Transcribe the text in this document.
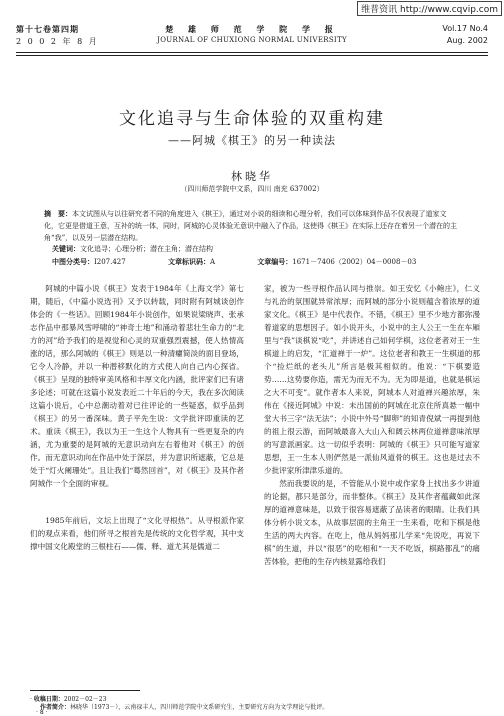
维普资讯 http://www.cqvip.com
第十七卷第四期
2 0 0 2 年 8 月
楚 雄 师 范 学 院 学 报
JOURNAL OF CHUXIONG NORMAL UNIVERSITY
Vol.17 No.4
Aug. 2002
文化追寻与生命体验的双重构建
——阿城《棋王》的另一种读法
林晓华
（四川师范学院中文系，四川 南充 637002）
摘　要：本文试图从与以往研究者不同的角度进入《棋王》，通过对小说的细读和心理分析，我们可以体味到作品不仅表现了道家文化，它更是借道王意，互补的统一体，同时，阿城的心灵体验无意识中融入了作品，这使得《棋王》在实际上还存在着另一个潜在的主角“我”，以及另一层潜在结构。
关键词：文化追寻；心理分析；潜在主角；潜在结构
中图分类号：I207.427	文章标识码：A	文章编号：1671－7406（2002）04－0008－03

阿城的中篇小说《棋王》发表于1984年《上海文学》第七期，随后，《中篇小说选刊》又予以转载，同时附有阿城谈创作体会的《一些话》。回顾1984年小说创作，如果说梁晓声、张承志作品中那暴风雪呼啸的“神奇土地”和涌动着悲壮生命力的“北方的河”给予我们的是视觉和心灵的双重强烈震撼，使人热情高涨的话，那么阿城的《棋王》则是以一种清癯简淡的面目登场，它令人冷静，并以一种潜移默化的方式使人向自己内心探省。《棋王》呈现的独特审美风格和丰厚文化内涵，批评家们已有诸多论述；可就在这篇小说发表近二十年后的今天，我在多次阅读这篇小说后，心中总潮动着对已往评论的一些疑惑，似乎品到《棋王》的另一番深味。黄子平先生说：文学批评即重读的艺术。重读《棋王》，我以为王一生这个人物具有一些更复杂的内涵，尤为重要的是阿城的无意识动向左右着他对《棋王》的创作。而无意识动向在作品中处于深层，并为意识所遮蔽，它总是处于“灯火阑珊处”。且让我们“蓦然回首”，对《棋王》及其作者阿城作一个全面的审视。

1985年前后，文坛上出现了“文化寻根热”。从寻根派作家们的观点来看，他们所寻之根首先是传统的文化哲学观，其中支撑中国文化殿堂的三根柱石——儒、释、道尤其是儒道二

家，被为一些寻根作品认同与推崇。如王安忆《小鲍庄》，仁义与礼治的氛围就异常浓厚；而阿城的部分小说则蕴含着浓厚的道家文化。《棋王》是中代表作。不错，《棋王》里不少地方都弥漫着道家的思想因子。如小说开头，小说中的主人公王一生在车厢里与“我”谈棋说“吃”，并讲述自己如何学棋，这位老者对王一生棋道上的启发，“汇道禅于一炉”。这位老者和教王一生棋道的那个“捡烂纸的老头儿”所言是极其相似的。他说：“下棋要造势……这势要你造，需无为而无不为。无为即是道，也就是棋运之大不可变”。就作者本人来说，阿城本人对道禅兴趣浓厚，朱伟在《接近阿城》中说：未出国前的阿城在北京住所真悬一幅中堂大书三字“法无法”；小说中外号“脚卵”的知青倪斌一再提到他的祖上很云游，而阿城最喜入大山入和阔云林两位道禅意味浓厚的写意派画家。这一切似乎表明：阿城的《棋王》只可能写道家思想，王一生本人则俨然是一派仙风道骨的棋王。这也是过去不少批评家所津津乐道的。

然而我要说的是，不管能从小说中或作家身上找出多少讲道的论据，都只是部分，而非整体。《棋王》及其作者蕴藏如此深厚的道禅意味是，以致于很容易遮蔽了品读者的眼睛。让我们具体分析小说文本，从故事层面的主角王一生来看，吃和下棋是他生活的两大内容。在吃上，他从妈妈那儿学来“先说吃，再说下棋”的生道，并以“很恶”的吃相和“一天不吃饭，棋路都乱”的痛苦体验，把他的生存内核显露给我们

· 收稿日期：2002－02－23
作者简介：林晓华（1973－），云南禄丰人，四川师范学院中文系研究生，主要研究方向为文学理论与批评。
· 8 ·
